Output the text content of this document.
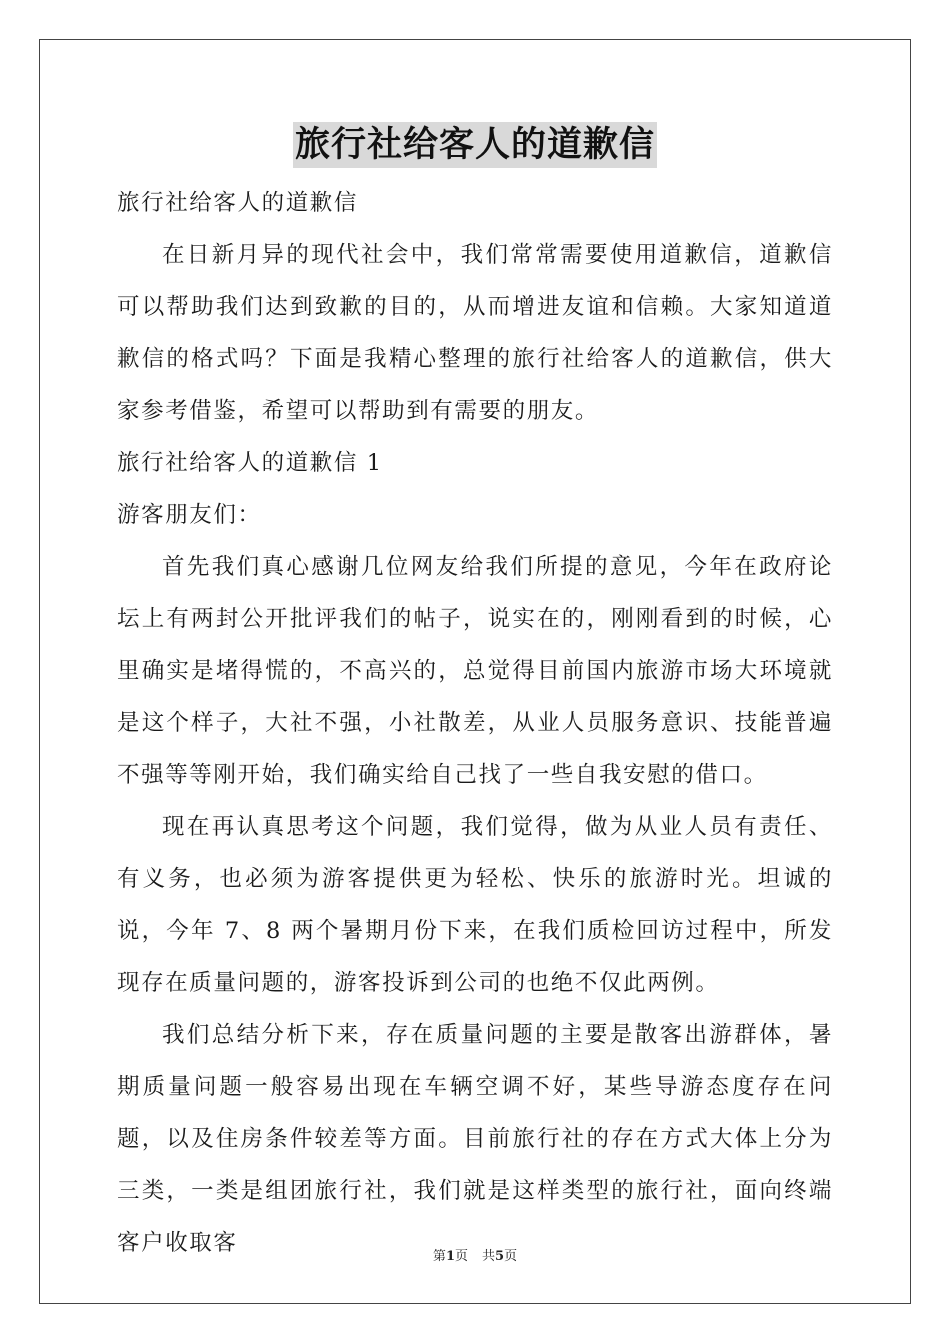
旅行社给客人的道歉信

旅行社给客人的道歉信

在日新月异的现代社会中，我们常常需要使用道歉信，道歉信可以帮助我们达到致歉的目的，从而增进友谊和信赖。大家知道道歉信的格式吗？下面是我精心整理的旅行社给客人的道歉信，供大家参考借鉴，希望可以帮助到有需要的朋友。

旅行社给客人的道歉信 1

游客朋友们：

首先我们真心感谢几位网友给我们所提的意见，今年在政府论坛上有两封公开批评我们的帖子，说实在的，刚刚看到的时候，心里确实是堵得慌的，不高兴的，总觉得目前国内旅游市场大环境就是这个样子，大社不强，小社散差，从业人员服务意识、技能普遍不强等等刚开始，我们确实给自己找了一些自我安慰的借口。

现在再认真思考这个问题，我们觉得，做为从业人员有责任、有义务，也必须为游客提供更为轻松、快乐的旅游时光。坦诚的说，今年 7、8 两个暑期月份下来，在我们质检回访过程中，所发现存在质量问题的，游客投诉到公司的也绝不仅此两例。

我们总结分析下来，存在质量问题的主要是散客出游群体，暑期质量问题一般容易出现在车辆空调不好，某些导游态度存在问题，以及住房条件较差等方面。目前旅行社的存在方式大体上分为三类，一类是组团旅行社，我们就是这样类型的旅行社，面向终端客户收取客

第1页 共5页
